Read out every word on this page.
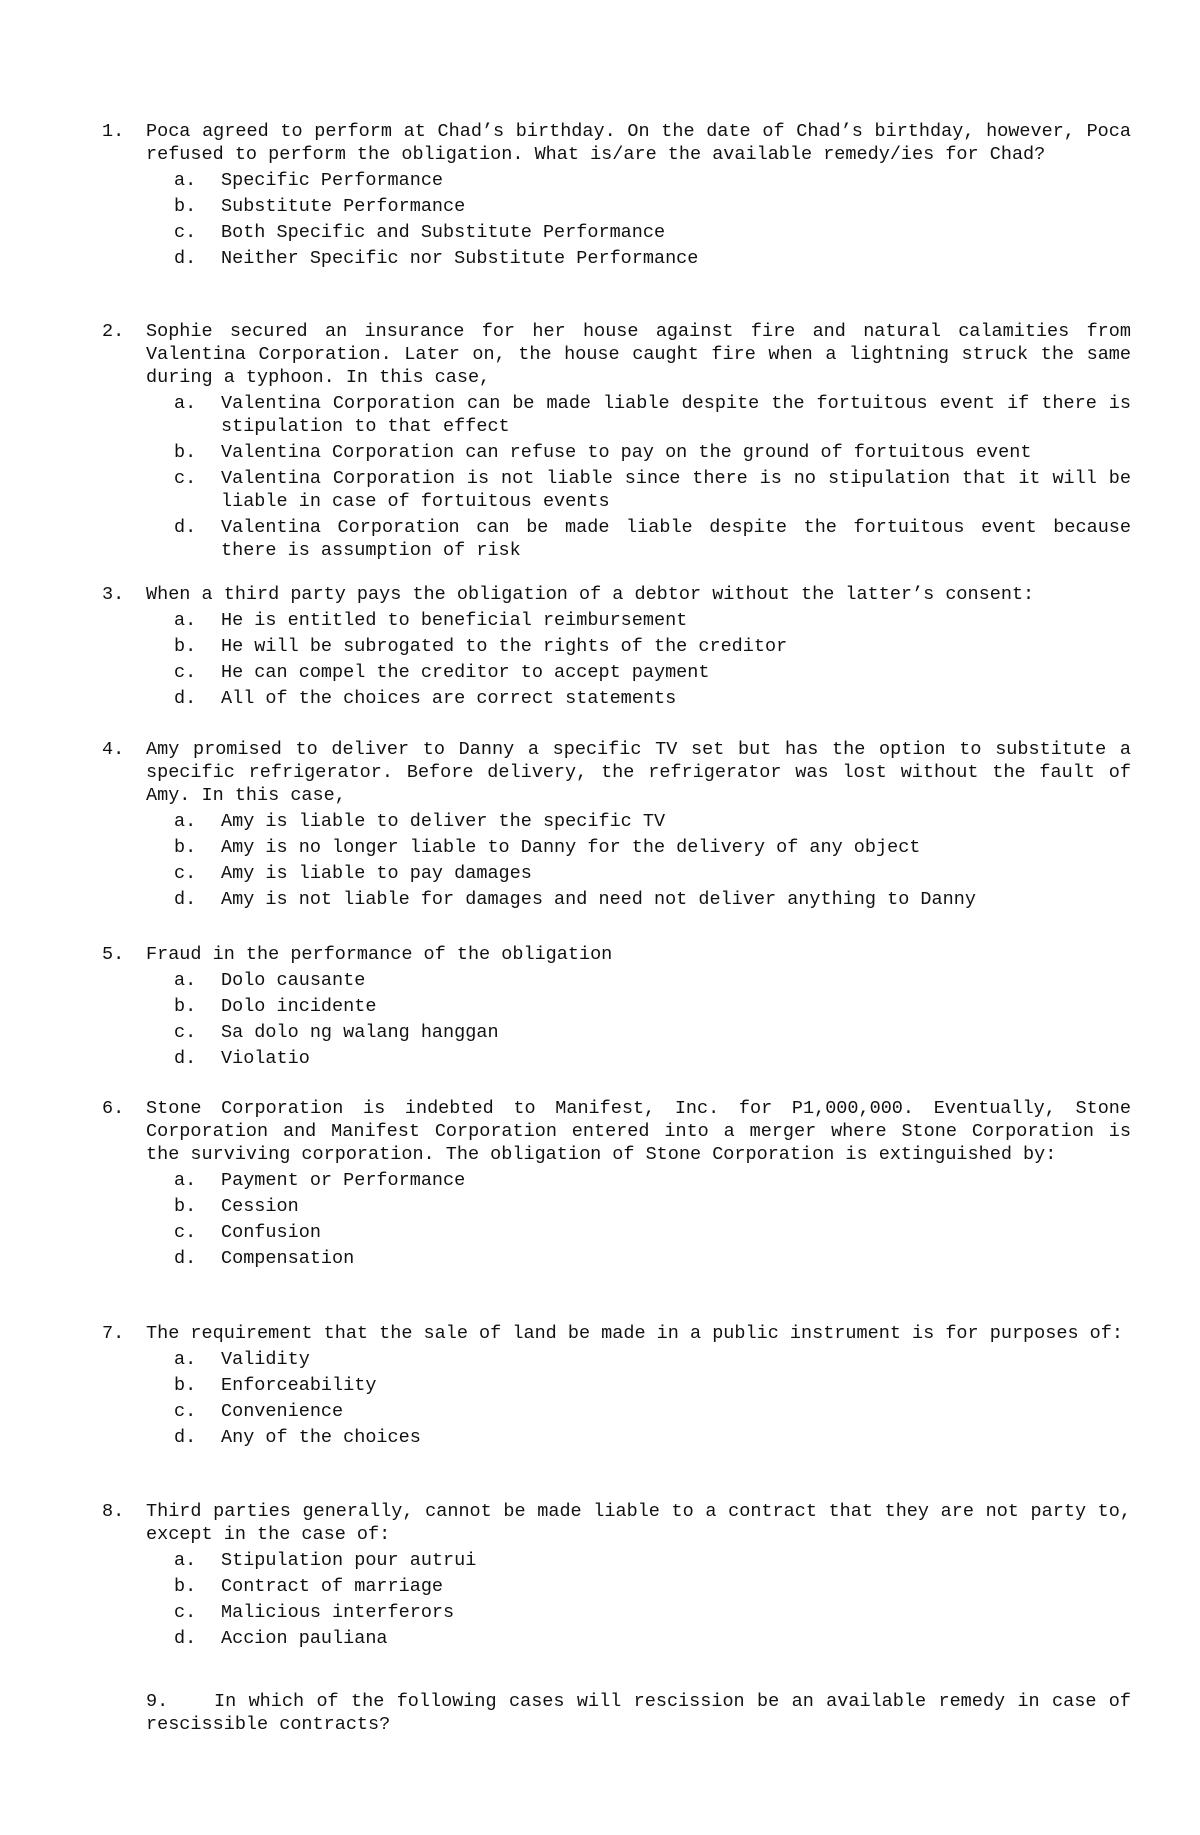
1. Poca agreed to perform at Chad’s birthday. On the date of Chad’s birthday, however, Poca refused to perform the obligation. What is/are the available remedy/ies for Chad?
a. Specific Performance
b. Substitute Performance
c. Both Specific and Substitute Performance
d. Neither Specific nor Substitute Performance
2. Sophie secured an insurance for her house against fire and natural calamities from Valentina Corporation. Later on, the house caught fire when a lightning struck the same during a typhoon. In this case,
a. Valentina Corporation can be made liable despite the fortuitous event if there is stipulation to that effect
b. Valentina Corporation can refuse to pay on the ground of fortuitous event
c. Valentina Corporation is not liable since there is no stipulation that it will be liable in case of fortuitous events
d. Valentina Corporation can be made liable despite the fortuitous event because there is assumption of risk
3. When a third party pays the obligation of a debtor without the latter’s consent:
a. He is entitled to beneficial reimbursement
b. He will be subrogated to the rights of the creditor
c. He can compel the creditor to accept payment
d. All of the choices are correct statements
4. Amy promised to deliver to Danny a specific TV set but has the option to substitute a specific refrigerator. Before delivery, the refrigerator was lost without the fault of Amy. In this case,
a. Amy is liable to deliver the specific TV
b. Amy is no longer liable to Danny for the delivery of any object
c. Amy is liable to pay damages
d. Amy is not liable for damages and need not deliver anything to Danny
5. Fraud in the performance of the obligation
a. Dolo causante
b. Dolo incidente
c. Sa dolo ng walang hanggan
d. Violatio
6. Stone Corporation is indebted to Manifest, Inc. for P1,000,000. Eventually, Stone Corporation and Manifest Corporation entered into a merger where Stone Corporation is the surviving corporation. The obligation of Stone Corporation is extinguished by:
a. Payment or Performance
b. Cession
c. Confusion
d. Compensation
7. The requirement that the sale of land be made in a public instrument is for purposes of:
a. Validity
b. Enforceability
c. Convenience
d. Any of the choices
8. Third parties generally, cannot be made liable to a contract that they are not party to, except in the case of:
a. Stipulation pour autrui
b. Contract of marriage
c. Malicious interferors
d. Accion pauliana
9. In which of the following cases will rescission be an available remedy in case of rescissible contracts?
